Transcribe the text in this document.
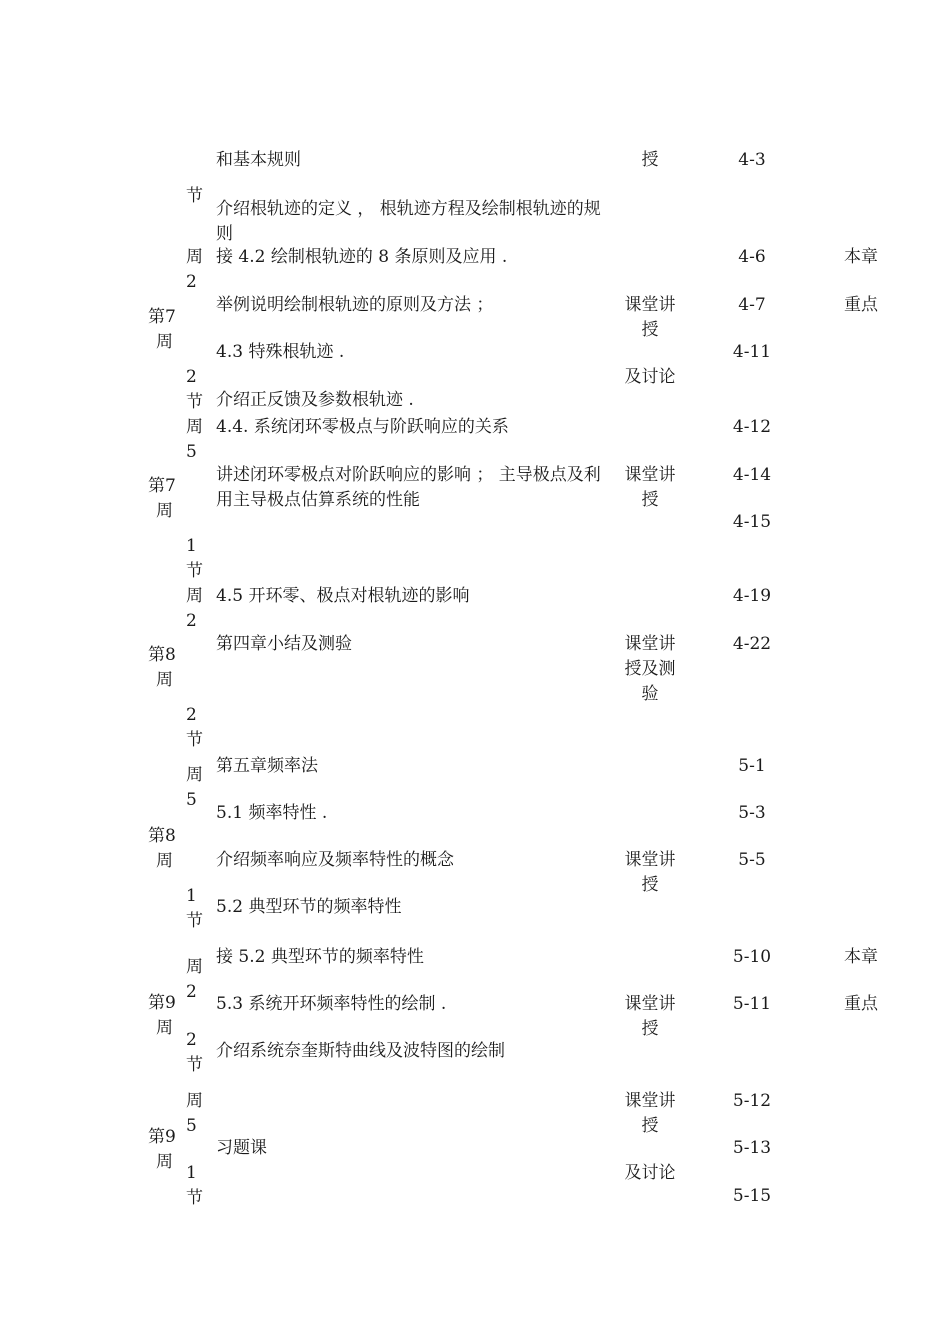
第7
周
第7
周
第8
周
第8
周
第9
周
第9
周
节
周
2
2
节
周
5
1
节
周
2
2
节
周
5
1
节
周
2
2
节
周
5
1
节
和基本规则
介绍根轨迹的定义 ， 根轨迹方程及绘制根轨迹的规则
接 4.2 绘制根轨迹的 8 条原则及应用 .
举例说明绘制根轨迹的原则及方法 ；
4.3 特殊根轨迹 .
介绍正反馈及参数根轨迹 .
4.4. 系统闭环零极点与阶跃响应的关系
讲述闭环零极点对阶跃响应的影响 ； 主导极点及利用主导极点估算系统的性能
4.5 开环零、极点对根轨迹的影响
第四章小结及测验
第五章频率法
5.1 频率特性 .
介绍频率响应及频率特性的概念
5.2 典型环节的频率特性
接 5.2 典型环节的频率特性
5.3 系统开环频率特性的绘制 .
介绍系统奈奎斯特曲线及波特图的绘制
习题课
授
课堂讲
授
及讨论
课堂讲
授
课堂讲
授及测
验
课堂讲
授
课堂讲
授
课堂讲
授
及讨论
4-3
4-6
4-7
4-11
4-12
4-14
4-15
4-19
4-22
5-1
5-3
5-5
5-10
5-11
5-12
5-13
5-15
本章
重点
本章
重点
